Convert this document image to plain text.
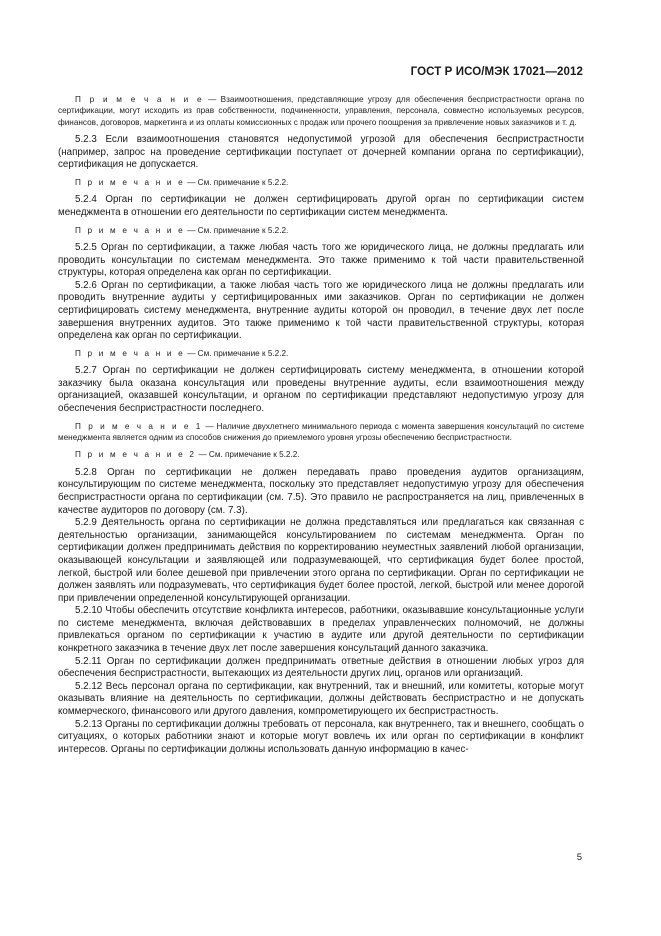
ГОСТ Р ИСО/МЭК 17021—2012

П р и м е ч а н и е — Взаимоотношения, представляющие угрозу для обеспечения беспристрастности органа по сертификации, могут исходить из прав собственности, подчиненности, управления, персонала, совместно используемых ресурсов, финансов, договоров, маркетинга и из оплаты комиссионных с продаж или прочего поощрения за привлечение новых заказчиков и т. д.

5.2.3 Если взаимоотношения становятся недопустимой угрозой для обеспечения беспристрастности (например, запрос на проведение сертификации поступает от дочерней компании органа по сертификации), сертификация не допускается.

П р и м е ч а н и е — См. примечание к 5.2.2.

5.2.4 Орган по сертификации не должен сертифицировать другой орган по сертификации систем менеджмента в отношении его деятельности по сертификации систем менеджмента.

П р и м е ч а н и е — См. примечание к 5.2.2.

5.2.5 Орган по сертификации, а также любая часть того же юридического лица, не должны предлагать или проводить консультации по системам менеджмента. Это также применимо к той части правительственной структуры, которая определена как орган по сертификации.

5.2.6 Орган по сертификации, а также любая часть того же юридического лица не должны предлагать или проводить внутренние аудиты у сертифицированных ими заказчиков. Орган по сертификации не должен сертифицировать систему менеджмента, внутренние аудиты которой он проводил, в течение двух лет после завершения внутренних аудитов. Это также применимо к той части правительственной структуры, которая определена как орган по сертификации.

П р и м е ч а н и е — См. примечание к 5.2.2.

5.2.7 Орган по сертификации не должен сертифицировать систему менеджмента, в отношении которой заказчику была оказана консультация или проведены внутренние аудиты, если взаимоотношения между организацией, оказавшей консультации, и органом по сертификации представляют недопустимую угрозу для обеспечения беспристрастности последнего.

П р и м е ч а н и е 1 — Наличие двухлетнего минимального периода с момента завершения консультаций по системе менеджмента является одним из способов снижения до приемлемого уровня угрозы обеспечению беспристрастности.

П р и м е ч а н и е 2 — См. примечание к 5.2.2.

5.2.8 Орган по сертификации не должен передавать право проведения аудитов организациям, консультирующим по системе менеджмента, поскольку это представляет недопустимую угрозу для обеспечения беспристрастности органа по сертификации (см. 7.5). Это правило не распространяется на лиц, привлеченных в качестве аудиторов по договору (см. 7.3).

5.2.9 Деятельность органа по сертификации не должна представляться или предлагаться как связанная с деятельностью организации, занимающейся консультированием по системам менеджмента. Орган по сертификации должен предпринимать действия по корректированию неуместных заявлений любой организации, оказывающей консультации и заявляющей или подразумевающей, что сертификация будет более простой, легкой, быстрой или более дешевой при привлечении этого органа по сертификации. Орган по сертификации не должен заявлять или подразумевать, что сертификация будет более простой, легкой, быстрой или менее дорогой при привлечении определенной консультирующей организации.

5.2.10 Чтобы обеспечить отсутствие конфликта интересов, работники, оказывавшие консультационные услуги по системе менеджмента, включая действовавших в пределах управленческих полномочий, не должны привлекаться органом по сертификации к участию в аудите или другой деятельности по сертификации конкретного заказчика в течение двух лет после завершения консультаций данного заказчика.

5.2.11 Орган по сертификации должен предпринимать ответные действия в отношении любых угроз для обеспечения беспристрастности, вытекающих из деятельности других лиц, органов или организаций.

5.2.12 Весь персонал органа по сертификации, как внутренний, так и внешний, или комитеты, которые могут оказывать влияние на деятельность по сертификации, должны действовать беспристрастно и не допускать коммерческого, финансового или другого давления, компрометирующего их беспристрастность.

5.2.13 Органы по сертификации должны требовать от персонала, как внутреннего, так и внешнего, сообщать о ситуациях, о которых работники знают и которые могут вовлечь их или орган по сертификации в конфликт интересов. Органы по сертификации должны использовать данную информацию в качес-

5
